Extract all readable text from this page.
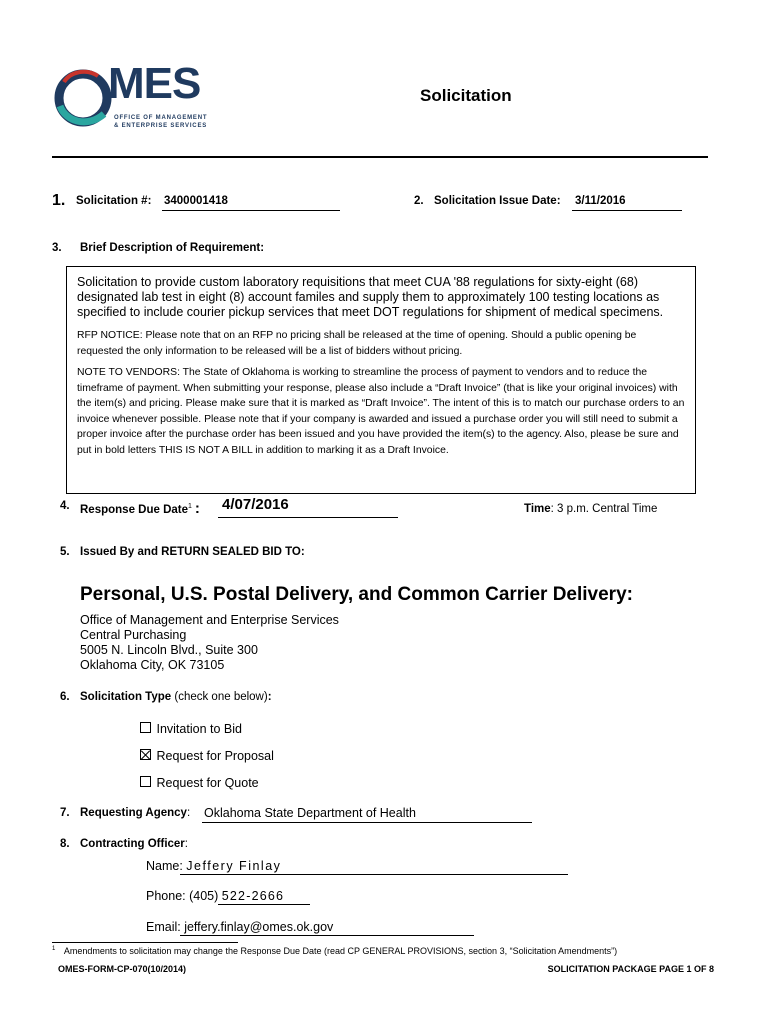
MES
OFFICE OF MANAGEMENT
& ENTERPRISE SERVICES
Solicitation
1. Solicitation #: 3400001418	2. Solicitation Issue Date: 3/11/2016
3. Brief Description of Requirement:

Solicitation to provide custom laboratory requisitions that meet CUA '88 regulations for sixty-eight (68) designated lab test in eight (8) account familes and supply them to approximately 100 testing locations as specified to include courier pickup services that meet DOT regulations for shipment of medical specimens.

RFP NOTICE: Please note that on an RFP no pricing shall be released at the time of opening. Should a public opening be requested the only information to be released will be a list of bidders without pricing.

NOTE TO VENDORS: The State of Oklahoma is working to streamline the process of payment to vendors and to reduce the timeframe of payment. When submitting your response, please also include a “Draft Invoice” (that is like your original invoices) with the item(s) and pricing. Please make sure that it is marked as “Draft Invoice”. The intent of this is to match our purchase orders to an invoice whenever possible. Please note that if your company is awarded and issued a purchase order you will still need to submit a proper invoice after the purchase order has been issued and you have provided the item(s) to the agency. Also, please be sure and put in bold letters THIS IS NOT A BILL in addition to marking it as a Draft Invoice.

4. Response Due Date$^1$ : 4/07/2016	Time: 3 p.m. Central Time
5. Issued By and RETURN SEALED BID TO:
Personal, U.S. Postal Delivery, and Common Carrier Delivery:
Office of Management and Enterprise Services
Central Purchasing
5005 N. Lincoln Blvd., Suite 300
Oklahoma City, OK 73105
6. Solicitation Type (check one below):
Invitation to Bid
Request for Proposal
Request for Quote
7. Requesting Agency: Oklahoma State Department of Health
8. Contracting Officer:
Name: Jeffery Finlay
Phone: (405) 522-2666
Email: jeffery.finlay@omes.ok.gov
$^1$ Amendments to solicitation may change the Response Due Date (read CP GENERAL PROVISIONS, section 3, “Solicitation Amendments”)
OMES-FORM-CP-070(10/2014)	SOLICITATION PACKAGE PAGE 1 OF 8
